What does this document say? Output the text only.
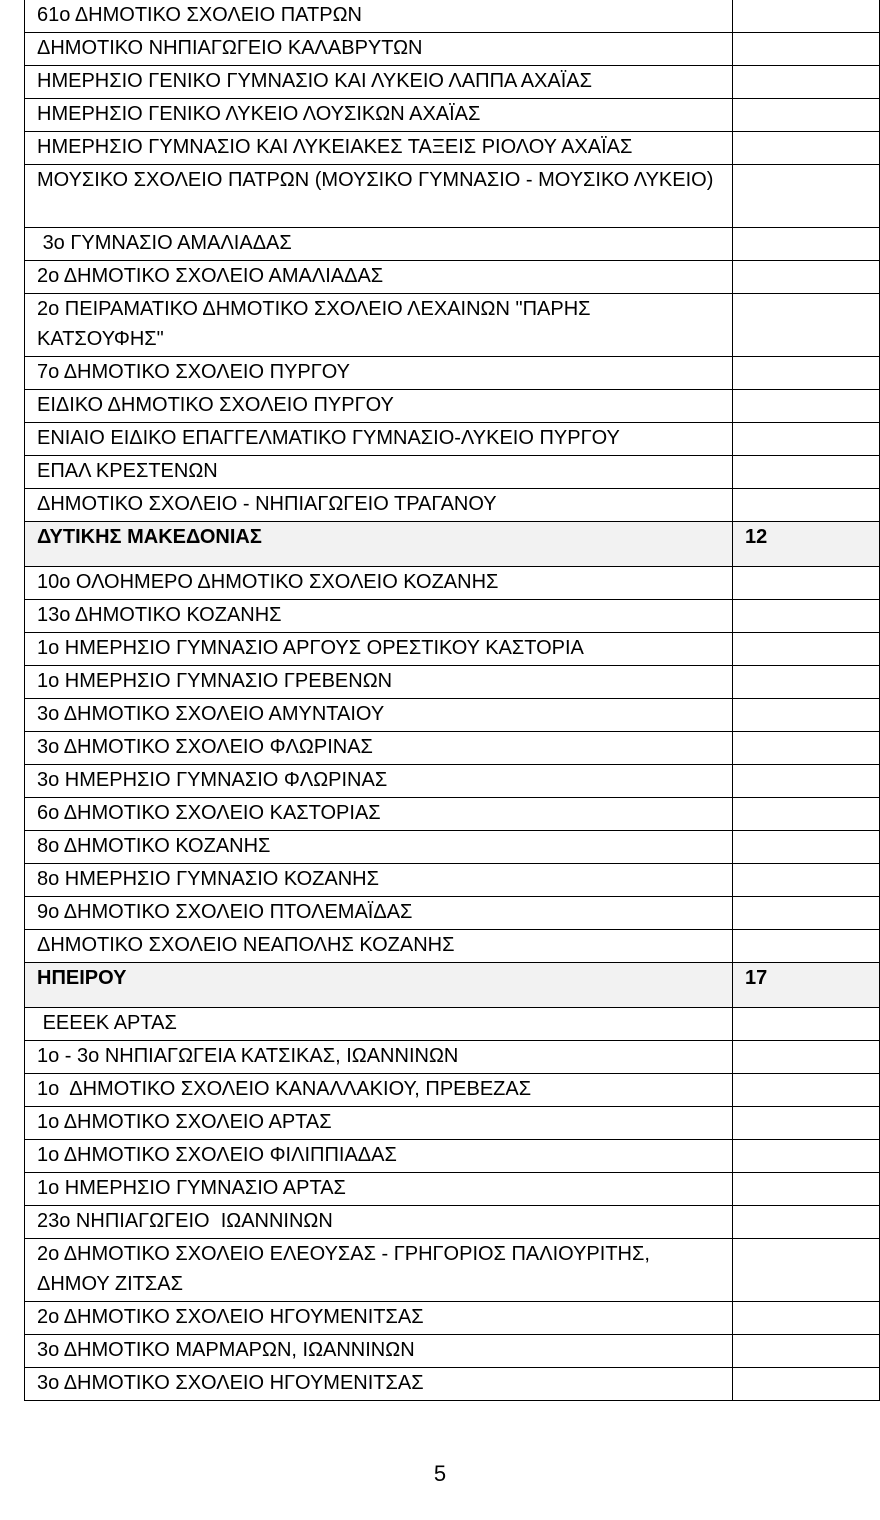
61ο ΔΗΜΟΤΙΚΟ ΣΧΟΛΕΙΟ ΠΑΤΡΩΝ	
ΔΗΜΟΤΙΚΟ ΝΗΠΙΑΓΩΓΕΙΟ ΚΑΛΑΒΡΥΤΩΝ	
ΗΜΕΡΗΣΙΟ ΓΕΝΙΚΟ ΓΥΜΝΑΣΙΟ ΚΑΙ ΛΥΚΕΙΟ ΛΑΠΠΑ ΑΧΑΪΑΣ	
ΗΜΕΡΗΣΙΟ ΓΕΝΙΚΟ ΛΥΚΕΙΟ ΛΟΥΣΙΚΩΝ ΑΧΑΪΑΣ	
ΗΜΕΡΗΣΙΟ ΓΥΜΝΑΣΙΟ ΚΑΙ ΛΥΚΕΙΑΚΕΣ ΤΑΞΕΙΣ ΡΙΟΛΟΥ ΑΧΑΪΑΣ	
ΜΟΥΣΙΚΟ ΣΧΟΛΕΙΟ ΠΑΤΡΩΝ (ΜΟΥΣΙΚΟ ΓΥΜΝΑΣΙΟ - ΜΟΥΣΙΚΟ ΛΥΚΕΙΟ)	
3ο ΓΥΜΝΑΣΙΟ ΑΜΑΛΙΑΔΑΣ	
2ο ΔΗΜΟΤΙΚΟ ΣΧΟΛΕΙΟ ΑΜΑΛΙΑΔΑΣ	
2ο ΠΕΙΡΑΜΑΤΙΚΟ ΔΗΜΟΤΙΚΟ ΣΧΟΛΕΙΟ ΛΕΧΑΙΝΩΝ "ΠΑΡΗΣ ΚΑΤΣΟΥΦΗΣ"	
7ο ΔΗΜΟΤΙΚΟ ΣΧΟΛΕΙΟ ΠΥΡΓΟΥ	
ΕΙΔΙΚΟ ΔΗΜΟΤΙΚΟ ΣΧΟΛΕΙΟ ΠΥΡΓΟΥ	
ΕΝΙΑΙΟ ΕΙΔΙΚΟ ΕΠΑΓΓΕΛΜΑΤΙΚΟ ΓΥΜΝΑΣΙΟ-ΛΥΚΕΙΟ ΠΥΡΓΟΥ	
ΕΠΑΛ ΚΡΕΣΤΕΝΩΝ	
ΔΗΜΟΤΙΚΟ ΣΧΟΛΕΙΟ - ΝΗΠΙΑΓΩΓΕΙΟ ΤΡΑΓΑΝΟΥ	
ΔΥΤΙΚΗΣ ΜΑΚΕΔΟΝΙΑΣ	12
10ο ΟΛΟΗΜΕΡΟ ΔΗΜΟΤΙΚΟ ΣΧΟΛΕΙΟ ΚΟΖΑΝΗΣ	
13ο ΔΗΜΟΤΙΚΟ ΚΟΖΑΝΗΣ	
1ο ΗΜΕΡΗΣΙΟ ΓΥΜΝΑΣΙΟ ΑΡΓΟΥΣ ΟΡΕΣΤΙΚΟΥ ΚΑΣΤΟΡΙΑ	
1ο ΗΜΕΡΗΣΙΟ ΓΥΜΝΑΣΙΟ ΓΡΕΒΕΝΩΝ	
3ο ΔΗΜΟΤΙΚΟ ΣΧΟΛΕΙΟ ΑΜΥΝΤΑΙΟΥ	
3ο ΔΗΜΟΤΙΚΟ ΣΧΟΛΕΙΟ ΦΛΩΡΙΝΑΣ	
3ο ΗΜΕΡΗΣΙΟ ΓΥΜΝΑΣΙΟ ΦΛΩΡΙΝΑΣ	
6ο ΔΗΜΟΤΙΚΟ ΣΧΟΛΕΙΟ ΚΑΣΤΟΡΙΑΣ	
8ο ΔΗΜΟΤΙΚΟ ΚΟΖΑΝΗΣ	
8ο ΗΜΕΡΗΣΙΟ ΓΥΜΝΑΣΙΟ ΚΟΖΑΝΗΣ	
9ο ΔΗΜΟΤΙΚΟ ΣΧΟΛΕΙΟ ΠΤΟΛΕΜΑΪΔΑΣ	
ΔΗΜΟΤΙΚΟ ΣΧΟΛΕΙΟ ΝΕΑΠΟΛΗΣ ΚΟΖΑΝΗΣ	
ΗΠΕΙΡΟΥ	17
ΕΕΕΕΚ ΑΡΤΑΣ	
1ο - 3ο ΝΗΠΙΑΓΩΓΕΙΑ ΚΑΤΣΙΚΑΣ, ΙΩΑΝΝΙΝΩΝ	
1ο  ΔΗΜΟΤΙΚΟ ΣΧΟΛΕΙΟ ΚΑΝΑΛΛΑΚΙΟΥ, ΠΡΕΒΕΖΑΣ	
1ο ΔΗΜΟΤΙΚΟ ΣΧΟΛΕΙΟ ΑΡΤΑΣ	
1ο ΔΗΜΟΤΙΚΟ ΣΧΟΛΕΙΟ ΦΙΛΙΠΠΙΑΔΑΣ	
1ο ΗΜΕΡΗΣΙΟ ΓΥΜΝΑΣΙΟ ΑΡΤΑΣ	
23ο ΝΗΠΙΑΓΩΓΕΙΟ  ΙΩΑΝΝΙΝΩΝ	
2ο ΔΗΜΟΤΙΚΟ ΣΧΟΛΕΙΟ ΕΛΕΟΥΣΑΣ - ΓΡΗΓΟΡΙΟΣ ΠΑΛΙΟΥΡΙΤΗΣ, ΔΗΜΟΥ ΖΙΤΣΑΣ	
2ο ΔΗΜΟΤΙΚΟ ΣΧΟΛΕΙΟ ΗΓΟΥΜΕΝΙΤΣΑΣ	
3ο ΔΗΜΟΤΙΚΟ ΜΑΡΜΑΡΩΝ, ΙΩΑΝΝΙΝΩΝ	
3ο ΔΗΜΟΤΙΚΟ ΣΧΟΛΕΙΟ ΗΓΟΥΜΕΝΙΤΣΑΣ	
5
